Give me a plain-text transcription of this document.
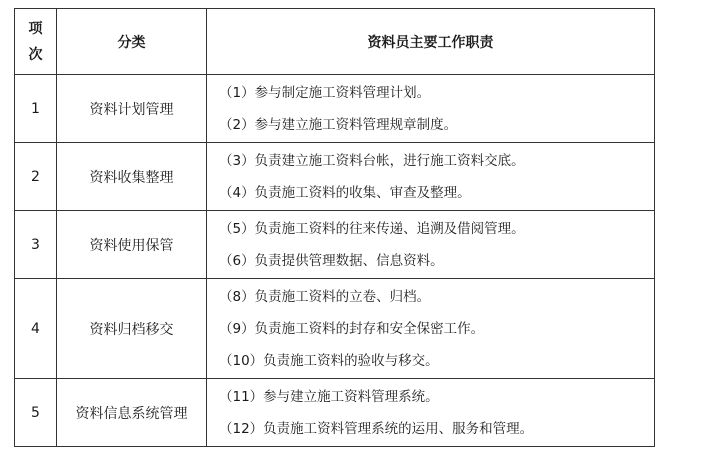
项
次	分类	资料员主要工作职责
1	资料计划管理	（1）参与制定施工资料管理计划。
（2）参与建立施工资料管理规章制度。

2	资料收集整理	（3）负责建立施工资料台帐，进行施工资料交底。
（4）负责施工资料的收集、审查及整理。

3	资料使用保管	（5）负责施工资料的往来传递、追溯及借阅管理。
（6）负责提供管理数据、信息资料。

4	资料归档移交	（8）负责施工资料的立卷、归档。
（9）负责施工资料的封存和安全保密工作。
（10）负责施工资料的验收与移交。

5	资料信息系统管理	（11）参与建立施工资料管理系统。
（12）负责施工资料管理系统的运用、服务和管理。
